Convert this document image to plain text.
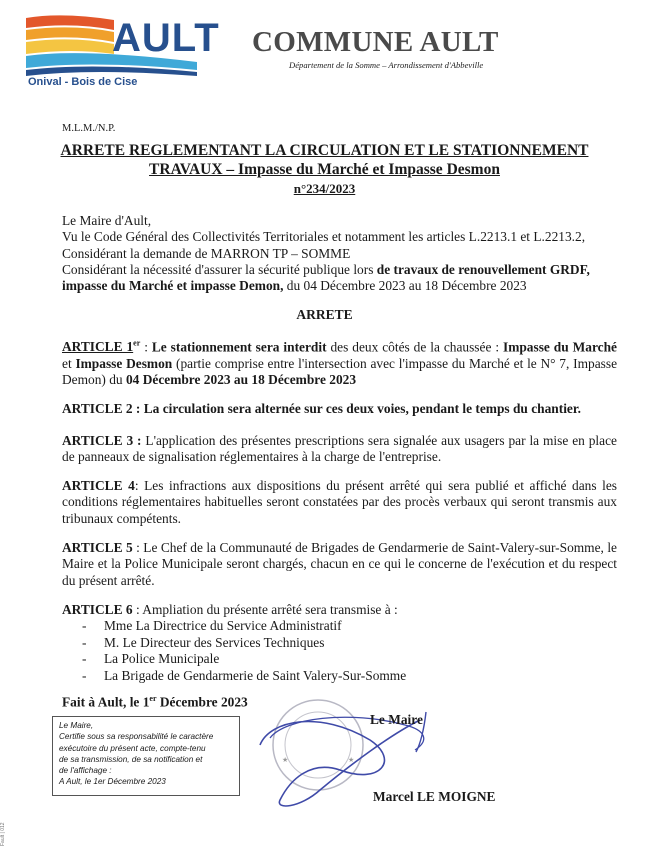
AULT
Onival - Bois de Cise
COMMUNE AULT
Département de la Somme – Arrondissement d'Abbeville
M.L.M./N.P.
ARRETE REGLEMENTANT LA CIRCULATION ET LE STATIONNEMENT
TRAVAUX – Impasse du Marché et Impasse Desmon
n°234/2023
Le Maire d'Ault,
Vu le Code Général des Collectivités Territoriales et notamment les articles L.2213.1 et L.2213.2,
Considérant la demande de MARRON TP – SOMME
Considérant la nécessité d'assurer la sécurité publique lors de travaux de renouvellement GRDF, impasse du Marché et impasse Demon, du 04 Décembre 2023 au 18 Décembre 2023
ARRETE
ARTICLE 1er : Le stationnement sera interdit des deux côtés de la chaussée : Impasse du Marché et Impasse Desmon (partie comprise entre l'intersection avec l'impasse du Marché et le N° 7, Impasse Demon) du 04 Décembre 2023 au 18 Décembre 2023
ARTICLE 2 : La circulation sera alternée sur ces deux voies, pendant le temps du chantier.
ARTICLE 3 : L'application des présentes prescriptions sera signalée aux usagers par la mise en place de panneaux de signalisation réglementaires à la charge de l'entreprise.
ARTICLE 4: Les infractions aux dispositions du présent arrêté qui sera publié et affiché dans les conditions réglementaires habituelles seront constatées par des procès verbaux qui seront transmis aux tribunaux compétents.
ARTICLE 5 : Le Chef de la Communauté de Brigades de Gendarmerie de Saint-Valery-sur-Somme, le Maire et la Police Municipale seront chargés, chacun en ce qui le concerne de l'exécution et du respect du présent arrêté.
ARTICLE 6 : Ampliation du présente arrêté sera transmise à :
- Mme La Directrice du Service Administratif
- M. Le Directeur des Services Techniques
- La Police Municipale
- La Brigade de Gendarmerie de Saint Valery-Sur-Somme
Fait à Ault, le 1er Décembre 2023
Le Maire,
Certifie sous sa responsabilité le caractère
exécutoire du présent acte, compte-tenu
de sa transmission, de sa notification et
de l'affichage :
A Ault, le 1er Décembre 2023
★	★
Le Maire
Marcel LE MOIGNE
Fault | 012
